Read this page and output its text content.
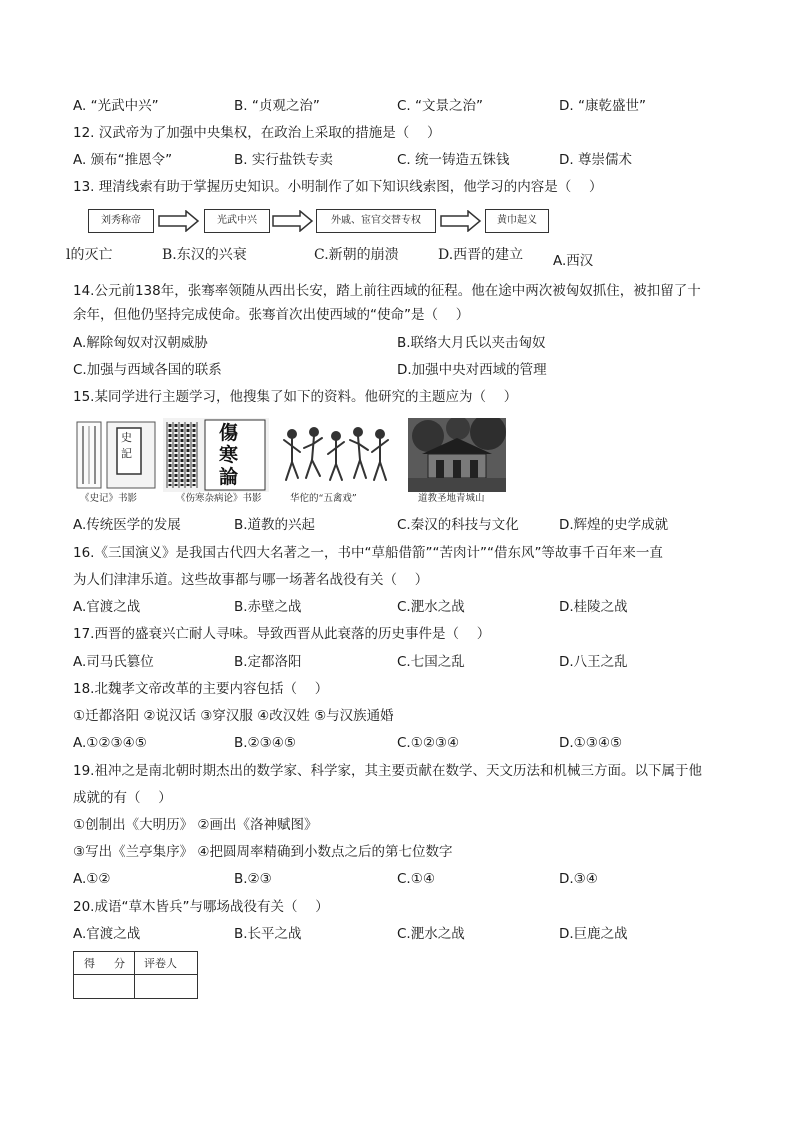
A. “光武中兴”	B. “贞观之治”	C. “文景之治”	D. “康乾盛世”
12. 汉武帝为了加强中央集权，在政治上采取的措施是（　 ）
A. 颁布“推恩令”	B. 实行盐铁专卖	C. 统一铸造五铢钱	D. 尊崇儒术
13. 理清线索有助于掌握历史知识。小明制作了如下知识线索图，他学习的内容是（　 ）
刘秀称帝	光武中兴	外戚、宦官交替专权	黄巾起义
l的灭亡	B.东汉的兴衰	C.新朝的崩溃	D.西晋的建立 A.西汉
14.公元前138年，张骞率领随从西出长安，踏上前往西域的征程。他在途中两次被匈奴抓住，被扣留了十
余年，但他仍坚持完成使命。张骞首次出使西域的“使命”是（　 ）
A.解除匈奴对汉朝威胁	B.联络大月氏以夹击匈奴
C.加强与西域各国的联系	D.加强中央对西域的管理
15.某同学进行主题学习，他搜集了如下的资料。他研究的主题应为（　 ）
史
記
傷
寒
論
《史记》书影	《伤寒杂病论》书影	华佗的“五禽戏”	道教圣地青城山
A.传统医学的发展	B.道教的兴起	C.秦汉的科技与文化	D.辉煌的史学成就
16.《三国演义》是我国古代四大名著之一，书中“草船借箭”“苦肉计”“借东风”等故事千百年来一直
为人们津津乐道。这些故事都与哪一场著名战役有关（　 ）
A.官渡之战	B.赤壁之战	C.淝水之战	D.桂陵之战
17.西晋的盛衰兴亡耐人寻味。导致西晋从此衰落的历史事件是（　 ）
A.司马氏篡位	B.定都洛阳	C.七国之乱	D.八王之乱
18.北魏孝文帝改革的主要内容包括（　 ）
①迁都洛阳 ②说汉话 ③穿汉服 ④改汉姓 ⑤与汉族通婚
A.①②③④⑤	B.②③④⑤	C.①②③④	D.①③④⑤
19.祖冲之是南北朝时期杰出的数学家、科学家，其主要贡献在数学、天文历法和机械三方面。以下属于他
成就的有（　 ）
①创制出《大明历》 ②画出《洛神赋图》
③写出《兰亭集序》 ④把圆周率精确到小数点之后的第七位数字
A.①②	B.②③	C.①④	D.③④
20.成语“草木皆兵”与哪场战役有关（　 ）
A.官渡之战	B.长平之战	C.淝水之战	D.巨鹿之战
得 分 评卷人
